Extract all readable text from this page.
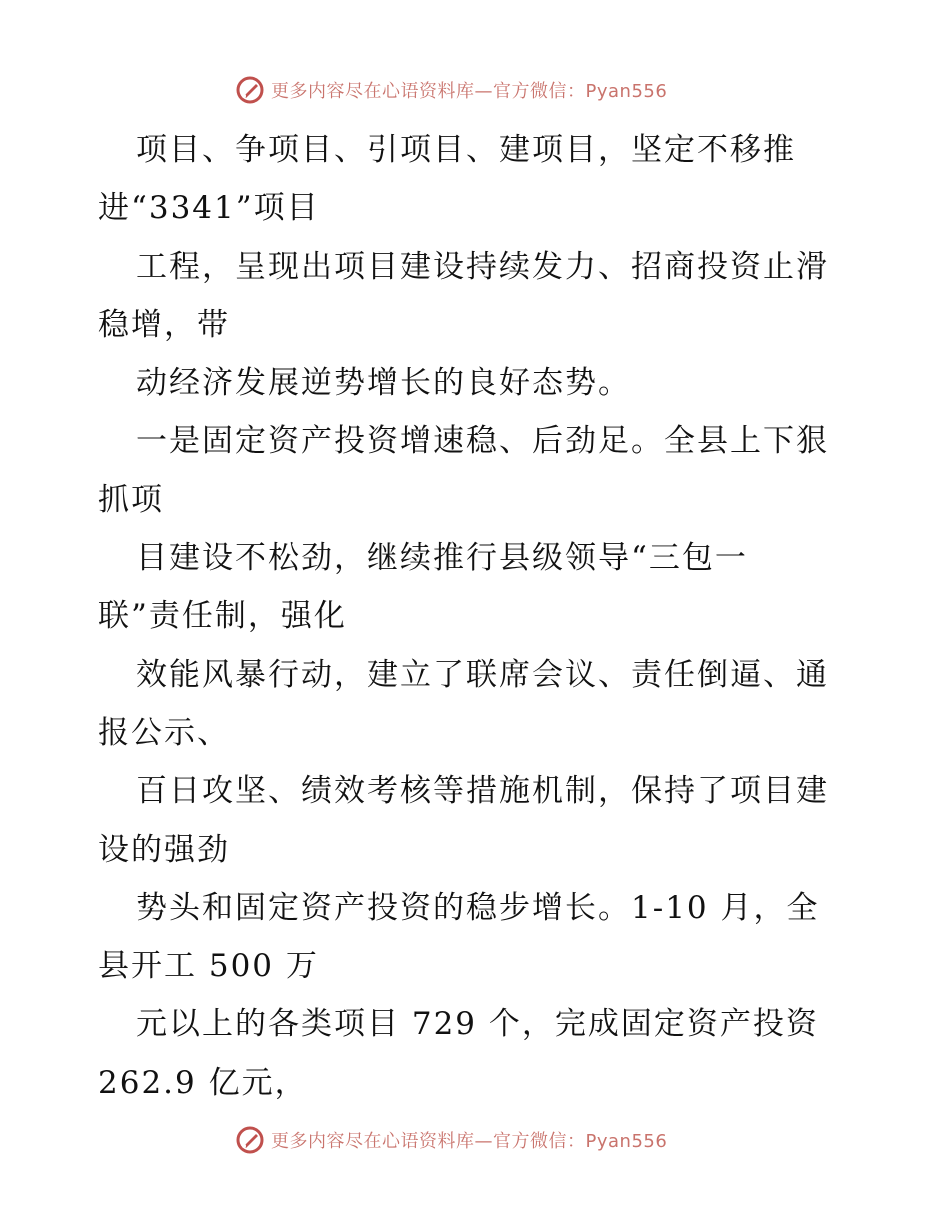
更多内容尽在心语资料库—官方微信：Pyan556
项目、争项目、引项目、建项目，坚定不移推
进“3341”项目
工程，呈现出项目建设持续发力、招商投资止滑
稳增，带
动经济发展逆势增长的良好态势。
一是固定资产投资增速稳、后劲足。全县上下狠
抓项
目建设不松劲，继续推行县级领导“三包一
联”责任制，强化
效能风暴行动，建立了联席会议、责任倒逼、通
报公示、
百日攻坚、绩效考核等措施机制，保持了项目建
设的强劲
势头和固定资产投资的稳步增长。1-10 月，全
县开工 500 万
元以上的各类项目 729 个，完成固定资产投资
262.9 亿元，
更多内容尽在心语资料库—官方微信：Pyan556
